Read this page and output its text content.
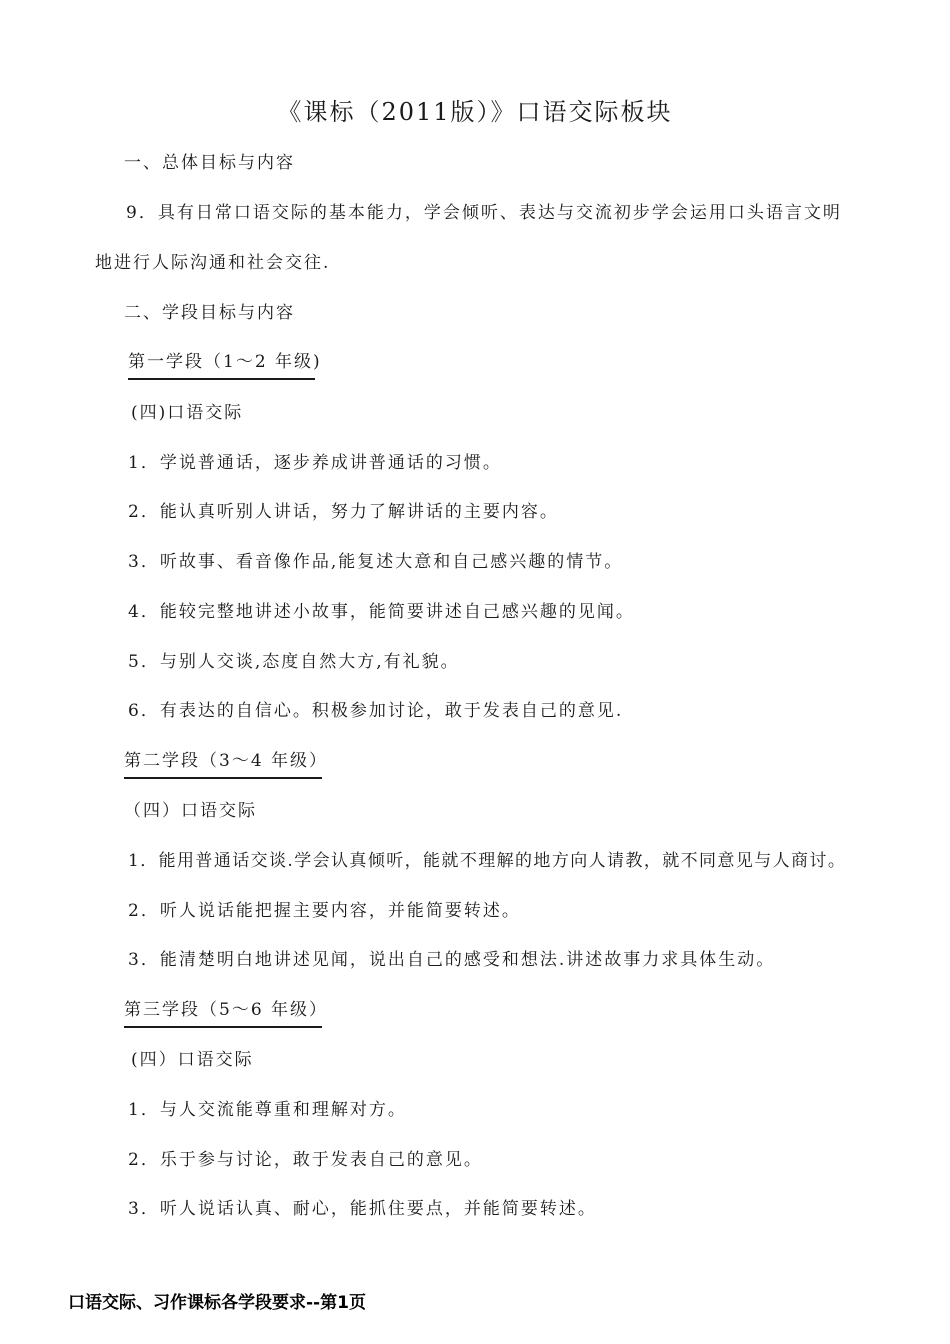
《课标（2011版）》口语交际板块
一、总体目标与内容
9．具有日常口语交际的基本能力，学会倾听、表达与交流初步学会运用口头语言文明
地进行人际沟通和社会交往.
二、学段目标与内容
第一学段（1～2 年级)
(四)口语交际
1．学说普通话，逐步养成讲普通话的习惯。
2．能认真听别人讲话，努力了解讲话的主要内容。
3．听故事、看音像作品,能复述大意和自己感兴趣的情节。
4．能较完整地讲述小故事，能简要讲述自己感兴趣的见闻。
5．与别人交谈,态度自然大方,有礼貌。
6．有表达的自信心。积极参加讨论，敢于发表自己的意见.
第二学段（3～4 年级）
（四）口语交际
1．能用普通话交谈.学会认真倾听，能就不理解的地方向人请教，就不同意见与人商讨。
2．听人说话能把握主要内容，并能简要转述。
3．能清楚明白地讲述见闻，说出自己的感受和想法.讲述故事力求具体生动。
第三学段（5～6 年级）
(四）口语交际
1．与人交流能尊重和理解对方。
2．乐于参与讨论，敢于发表自己的意见。
3．听人说话认真、耐心，能抓住要点，并能简要转述。
口语交际、习作课标各学段要求--第1页
